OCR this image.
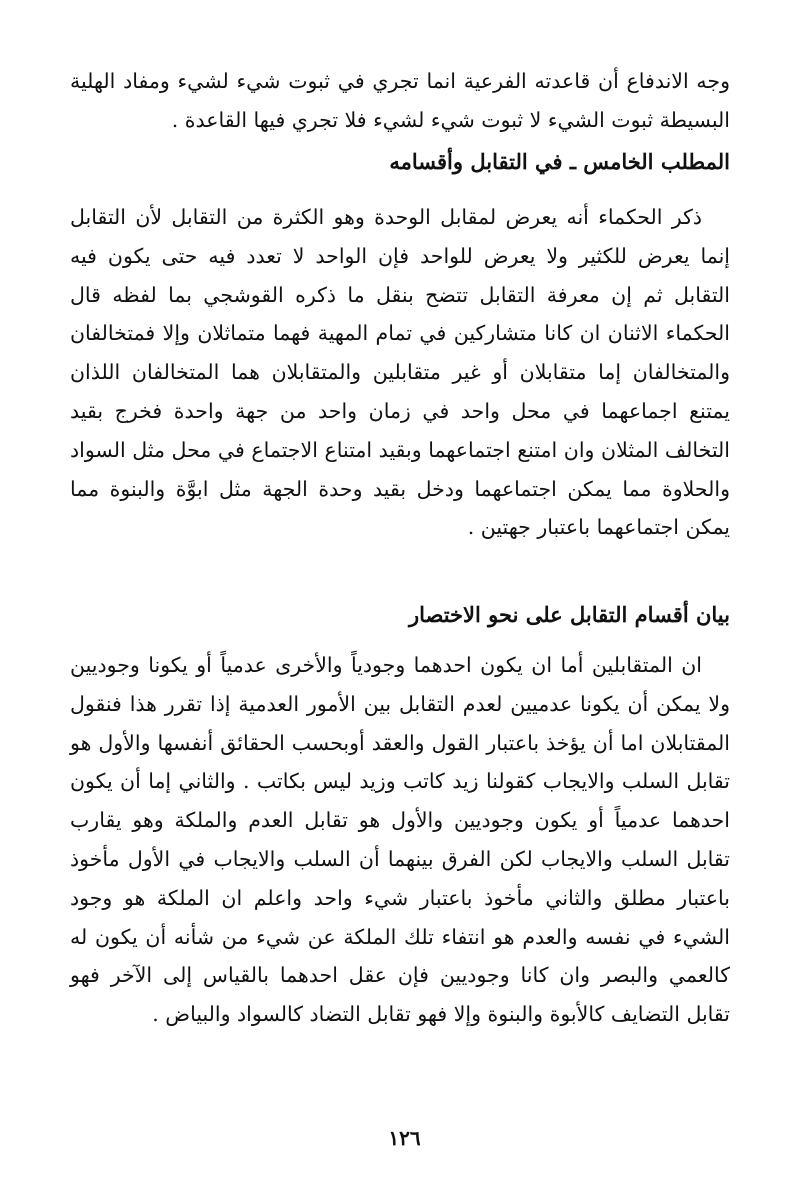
وجه الاندفاع أن قاعدته الفرعية انما تجري في ثبوت شيء لشيء ومفاد الهلية البسيطة ثبوت الشيء لا ثبوت شيء لشيء فلا تجري فيها القاعدة .

المطلب الخامس ـ في التقابل وأقسامه

ذكر الحكماء أنه يعرض لمقابل الوحدة وهو الكثرة من التقابل لأن التقابل إنما يعرض للكثير ولا يعرض للواحد فإن الواحد لا تعدد فيه حتى يكون فيه التقابل ثم إن معرفة التقابل تتضح بنقل ما ذكره القوشجي بما لفظه قال الحكماء الاثنان ان كانا متشاركين في تمام المهية فهما متماثلان وإلا فمتخالفان والمتخالفان إما متقابلان أو غير متقابلين والمتقابلان هما المتخالفان اللذان يمتنع اجماعهما في محل واحد في زمان واحد من جهة واحدة فخرج بقيد التخالف المثلان وان امتنع اجتماعهما وبقيد امتناع الاجتماع في محل مثل السواد والحلاوة مما يمكن اجتماعهما ودخل بقيد وحدة الجهة مثل ابوَّة والبنوة مما يمكن اجتماعهما باعتبار جهتين .

بيان أقسام التقابل على نحو الاختصار

ان المتقابلين أما ان يكون احدهما وجودياً والأخرى عدمياً أو يكونا وجوديين ولا يمكن أن يكونا عدميين لعدم التقابل بين الأمور العدمية إذا تقرر هذا فنقول المقتابلان اما أن يؤخذ باعتبار القول والعقد أوبحسب الحقائق أنفسها والأول هو تقابل السلب والايجاب كقولنا زيد كاتب وزيد ليس بكاتب . والثاني إما أن يكون احدهما عدمياً أو يكون وجوديين والأول هو تقابل العدم والملكة وهو يقارب تقابل السلب والايجاب لكن الفرق بينهما أن السلب والايجاب في الأول مأخوذ باعتبار مطلق والثاني مأخوذ باعتبار شيء واحد واعلم ان الملكة هو وجود الشيء في نفسه والعدم هو انتفاء تلك الملكة عن شيء من شأنه أن يكون له كالعمي والبصر وان كانا وجوديين فإن عقل احدهما بالقياس إلى الآخر فهو تقابل التضايف كالأبوة والبنوة وإلا فهو تقابل التضاد كالسواد والبياض .

١٢٦
